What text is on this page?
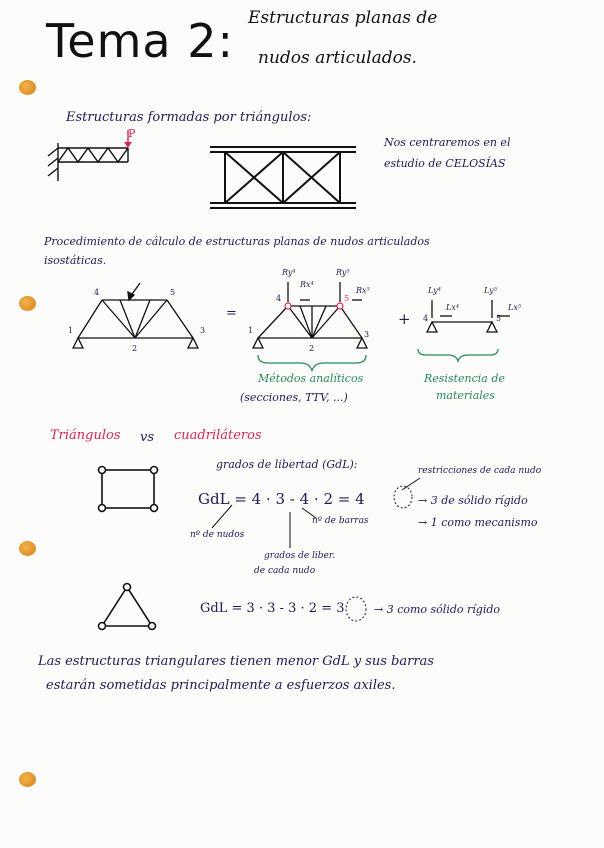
Tema 2: Estructuras planas de
nudos articulados.
Estructuras formadas por triángulos:
P
Nos centraremos en el
estudio de CELOSÍAS
Procedimiento de cálculo de estructuras planas de nudos articulados
isostáticas.
4	5
1
2
3
=
Ry⁴
Rx⁴
Ry⁵
Rx⁵
4	5
1
2
3
+
Ly⁴
Lx⁴
Ly⁵
Lx⁵
4	5
Métodos analíticos
(secciones, TTV, ...)
Resistencia de
materiales
Triángulos vs cuadriláteros
grados de libertad (GdL):	restricciones de cada nudo
GdL = 4 · 3 - 4 · 2 = 4	→ 3 de sólido rígido
→ 1 como mecanismo
nº de nudos
nº de barras
grados de liber.
de cada nudo
GdL = 3 · 3 - 3 · 2 = 3	→ 3 como sólido rígido
Las estructuras triangulares tienen menor GdL y sus barras
estarán sometidas principalmente a esfuerzos axiles.
